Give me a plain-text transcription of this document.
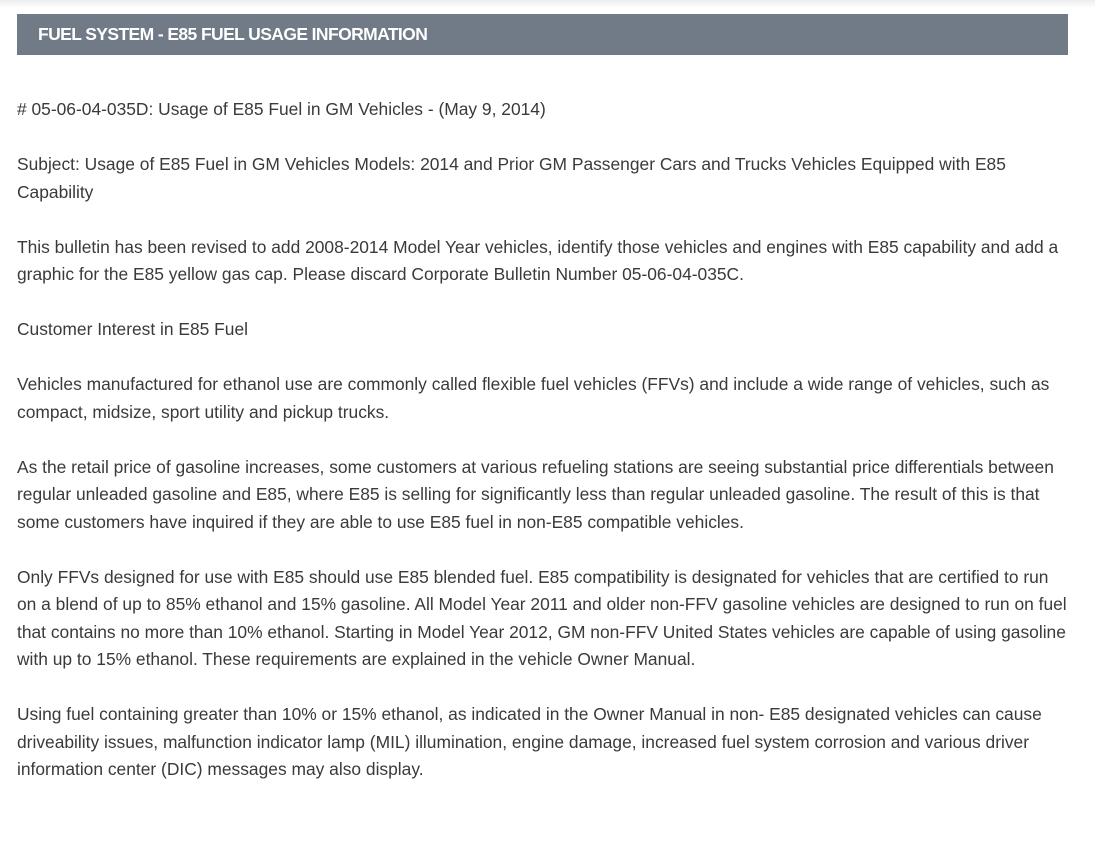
FUEL SYSTEM - E85 FUEL USAGE INFORMATION

# 05-06-04-035D: Usage of E85 Fuel in GM Vehicles - (May 9, 2014)

Subject: Usage of E85 Fuel in GM Vehicles Models: 2014 and Prior GM Passenger Cars and Trucks Vehicles Equipped with E85 Capability

This bulletin has been revised to add 2008-2014 Model Year vehicles, identify those vehicles and engines with E85 capability and add a graphic for the E85 yellow gas cap. Please discard Corporate Bulletin Number 05-06-04-035C.

Customer Interest in E85 Fuel

Vehicles manufactured for ethanol use are commonly called flexible fuel vehicles (FFVs) and include a wide range of vehicles, such as compact, midsize, sport utility and pickup trucks.

As the retail price of gasoline increases, some customers at various refueling stations are seeing substantial price differentials between regular unleaded gasoline and E85, where E85 is selling for significantly less than regular unleaded gasoline. The result of this is that some customers have inquired if they are able to use E85 fuel in non-E85 compatible vehicles.

Only FFVs designed for use with E85 should use E85 blended fuel. E85 compatibility is designated for vehicles that are certified to run on a blend of up to 85% ethanol and 15% gasoline. All Model Year 2011 and older non-FFV gasoline vehicles are designed to run on fuel that contains no more than 10% ethanol. Starting in Model Year 2012, GM non-FFV United States vehicles are capable of using gasoline with up to 15% ethanol. These requirements are explained in the vehicle Owner Manual.

Using fuel containing greater than 10% or 15% ethanol, as indicated in the Owner Manual in non- E85 designated vehicles can cause driveability issues, malfunction indicator lamp (MIL) illumination, engine damage, increased fuel system corrosion and various driver information center (DIC) messages may also display.
